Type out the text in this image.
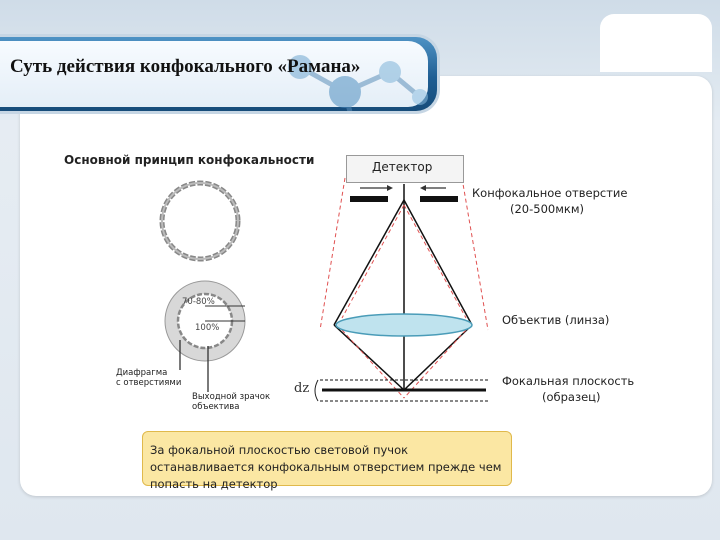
Суть действия конфокального «Рамана»
Основной принцип конфокальности	Детектор
Конфокальное отверстие
(20-500мкм)
Объектив (линза)
Фокальная плоскость
(образец)
dz
70-80%
100%
Диафрагма
с отверстиями
Выходной зрачок
объектива
За фокальной плоскостью световой пучок останавливается конфокальным отверстием прежде чем попасть на детектор
